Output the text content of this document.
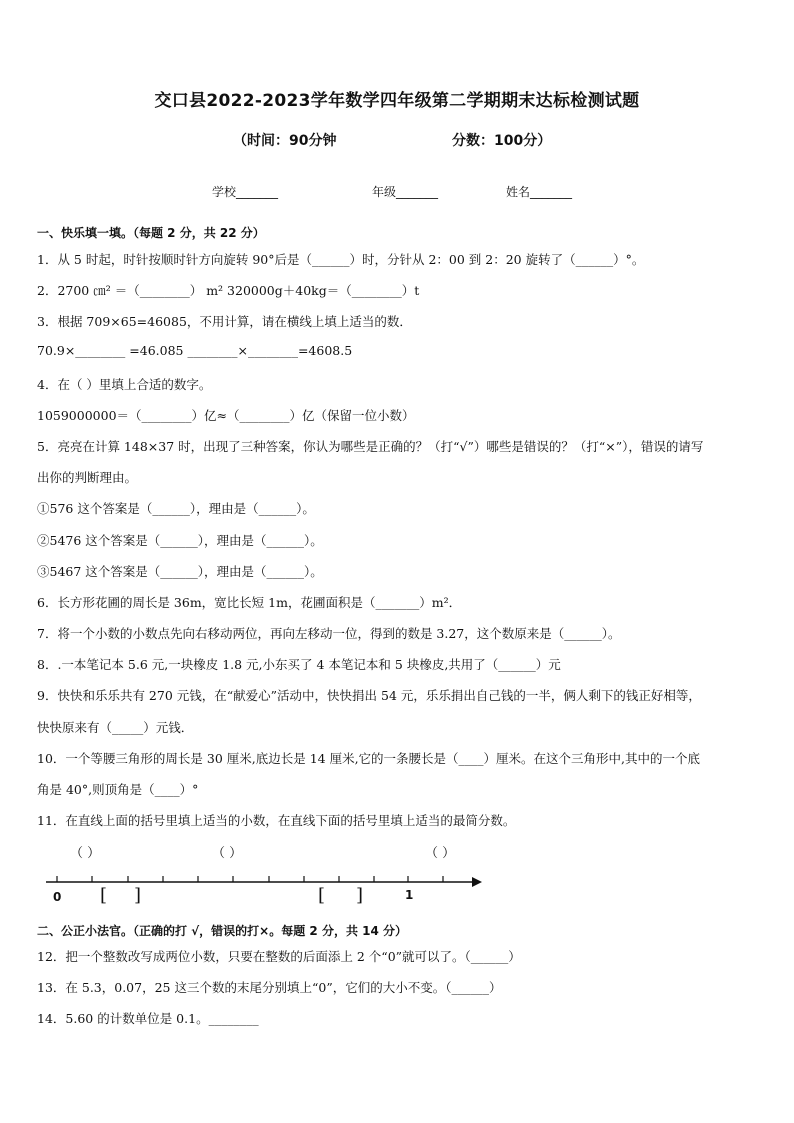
交口县2022-2023学年数学四年级第二学期期末达标检测试题
（时间：90分钟	分数：100分）
学校_______	年级_______	姓名_______
一、快乐填一填。（每题 2 分，共 22 分）
1．从 5 时起，时针按顺时针方向旋转 90°后是（______）时，分针从 2：00 到 2：20 旋转了（______）°。
2．2700 ㎝² ＝（________） m² 320000g＋40kg＝（________）t
3．根据 709×65=46085，不用计算，请在横线上填上适当的数．
70.9×________ =46.085 ________×________=4608.5
4．在（ ）里填上合适的数字。
1059000000＝（________）亿≈（________）亿（保留一位小数）
5．亮亮在计算 148×37 时，出现了三种答案，你认为哪些是正确的？（打“√”）哪些是错误的？（打“×”），错误的请写
出你的判断理由。
①576 这个答案是（______），理由是（______）。
②5476 这个答案是（______），理由是（______）。
③5467 这个答案是（______），理由是（______）。
6．长方形花圃的周长是 36m，宽比长短 1m，花圃面积是（_______）m²．
7．将一个小数的小数点先向右移动两位，再向左移动一位，得到的数是 3.27，这个数原来是（______）。
8．.一本笔记本 5.6 元,一块橡皮 1.8 元,小东买了 4 本笔记本和 5 块橡皮,共用了（______）元
9．快快和乐乐共有 270 元钱，在“献爱心”活动中，快快捐出 54 元，乐乐捐出自己钱的一半，俩人剩下的钱正好相等，
快快原来有（_____）元钱．
10．一个等腰三角形的周长是 30 厘米,底边长是 14 厘米,它的一条腰长是（____）厘米。在这个三角形中,其中的一个底
角是 40°,则顶角是（____）°
11．在直线上面的括号里填上适当的小数，在直线下面的括号里填上适当的最简分数。
（ ）	（ ）	（ ）
0	1
[ ]	[ ]
二、公正小法官。（正确的打 √，错误的打×。每题 2 分，共 14 分）
12．把一个整数改写成两位小数，只要在整数的后面添上 2 个“0”就可以了。（______）
13．在 5.3，0.07，25 这三个数的末尾分别填上“0”，它们的大小不变。（______）
14．5.60 的计数单位是 0.1。________
